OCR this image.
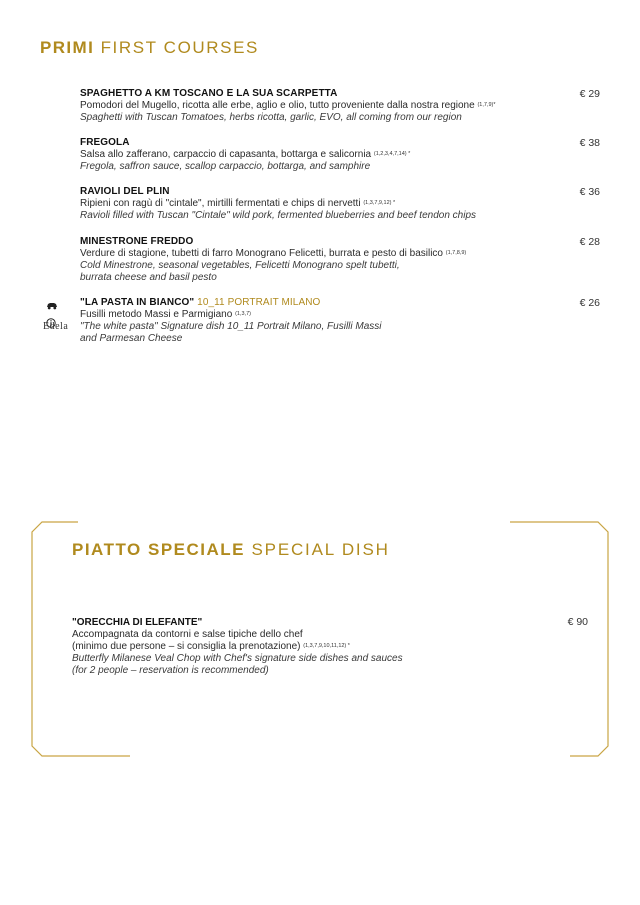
PRIMI FIRST COURSES
SPAGHETTO A KM TOSCANO E LA SUA SCARPETTA
Pomodori del Mugello, ricotta alle erbe, aglio e olio, tutto proveniente dalla nostra regione $^{(1,7,9)*}$
Spaghetti with Tuscan Tomatoes, herbs ricotta, garlic, EVO, all coming from our region
€ 29
FREGOLA
Salsa allo zafferano, carpaccio di capasanta, bottarga e salicornia $^{(1,2,3,4,7,14) *}$
Fregola, saffron sauce, scallop carpaccio, bottarga, and samphire
€ 38
RAVIOLI DEL PLIN
Ripieni con ragù di "cintale", mirtilli fermentati e chips di nervetti $^{(1,3,7,9,12) *}$
Ravioli filled with Tuscan "Cintale" wild pork, fermented blueberries and beef tendon chips
€ 36
MINESTRONE FREDDO
Verdure di stagione, tubetti di farro Monograno Felicetti, burrata e pesto di basilico $^{(1,7,8,9)}$
Cold Minestrone, seasonal vegetables, Felicetti Monograno spelt tubetti,
burrata cheese and basil pesto
€ 28

Edela
"LA PASTA IN BIANCO" 10_11 PORTRAIT MILANO
Fusilli metodo Massi e Parmigiano $^{(1,3,7)}$
"The white pasta" Signature dish 10_11 Portrait Milano, Fusilli Massi
and Parmesan Cheese
€ 26
PIATTO SPECIALE SPECIAL DISH
"ORECCHIA DI ELEFANTE"
Accompagnata da contorni e salse tipiche dello chef
(minimo due persone – si consiglia la prenotazione) $^{(1,3,7,9,10,11,12) *}$
Butterfly Milanese Veal Chop with Chef's signature side dishes and sauces
(for 2 people – reservation is recommended)
€ 90
